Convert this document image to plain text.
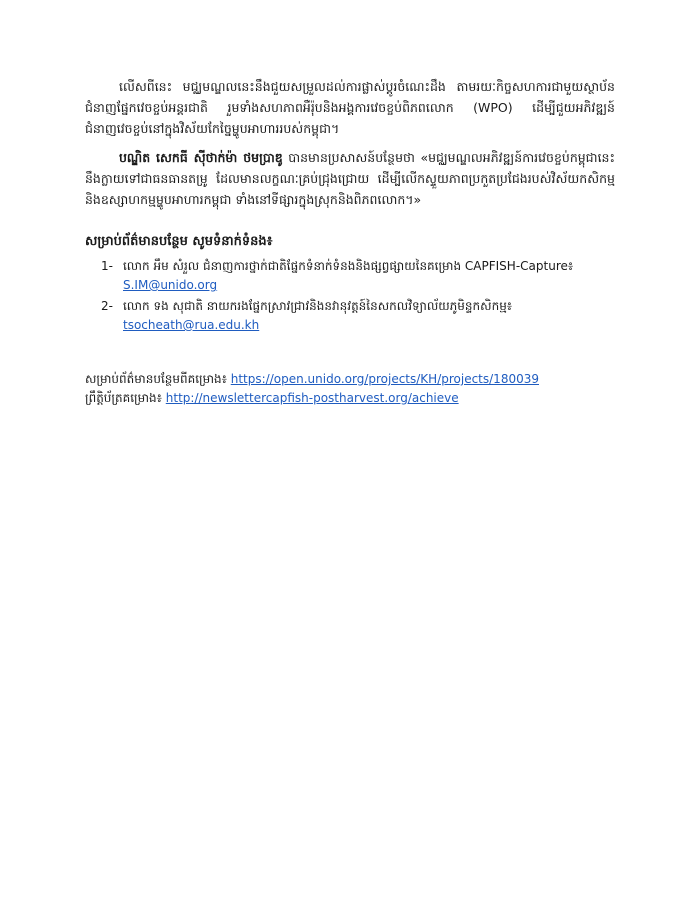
លើសពីនេះ មជ្ឈមណ្ឌលនេះនឹងជួយសម្រួលដល់ការផ្លាស់ប្តូរចំណេះដឹង តាមរយៈកិច្ចសហការជាមួយស្ថាប័នជំនាញផ្នែកវេចខ្ចប់អន្តរជាតិ រួមទាំងសហភាពអឺរ៉ុបនិងអង្គការវេចខ្ចប់ពិភពលោក (WPO) ដើម្បីជួយអភិវឌ្ឍន៍ជំនាញវេចខ្ចប់នៅក្នុងវិស័យកែច្នៃម្ហូបអាហាររបស់កម្ពុជា។

បណ្ឌិត សេកធី ស៊ីថាក់ម៉ា ថមប្រាឌូ បានមានប្រសាសន៍បន្ថែមថា «មជ្ឈមណ្ឌលអភិវឌ្ឍន៍ការវេចខ្ចប់កម្ពុជានេះ នឹងក្លាយទៅជាធនធានតម្រូ ដែលមានលក្ខណៈគ្រប់ជ្រុងជ្រោយ ដើម្បីលើកស្ទួយភាពប្រកួតប្រជែងរបស់វិស័យកសិកម្ម និងឧស្សាហកម្មម្ហូបអាហារកម្ពុជា ទាំងនៅទីផ្សារក្នុងស្រុកនិងពិភពលោក។»

សម្រាប់ព័ត៌មានបន្ថែម សូមទំនាក់ទំនង៖
1- លោក អឹម សំរួល ជំនាញការថ្នាក់ជាតិផ្នែកទំនាក់ទំនងនិងផ្សព្វផ្សាយនៃគម្រោង CAPFISH-Capture៖
S.IM@unido.org
2- លោក ទង សុជាតិ នាយករងផ្នែកស្រាវជ្រាវនិងនវានុវត្តន៍នៃសកលវិទ្យាល័យភូមិន្ទកសិកម្ម៖
tsocheath@rua.edu.kh
សម្រាប់ព័ត៌មានបន្ថែមពីគម្រោង៖ https://open.unido.org/projects/KH/projects/180039
ព្រឹត្តិប័ត្រគម្រោង៖ http://newslettercapfish-postharvest.org/achieve
